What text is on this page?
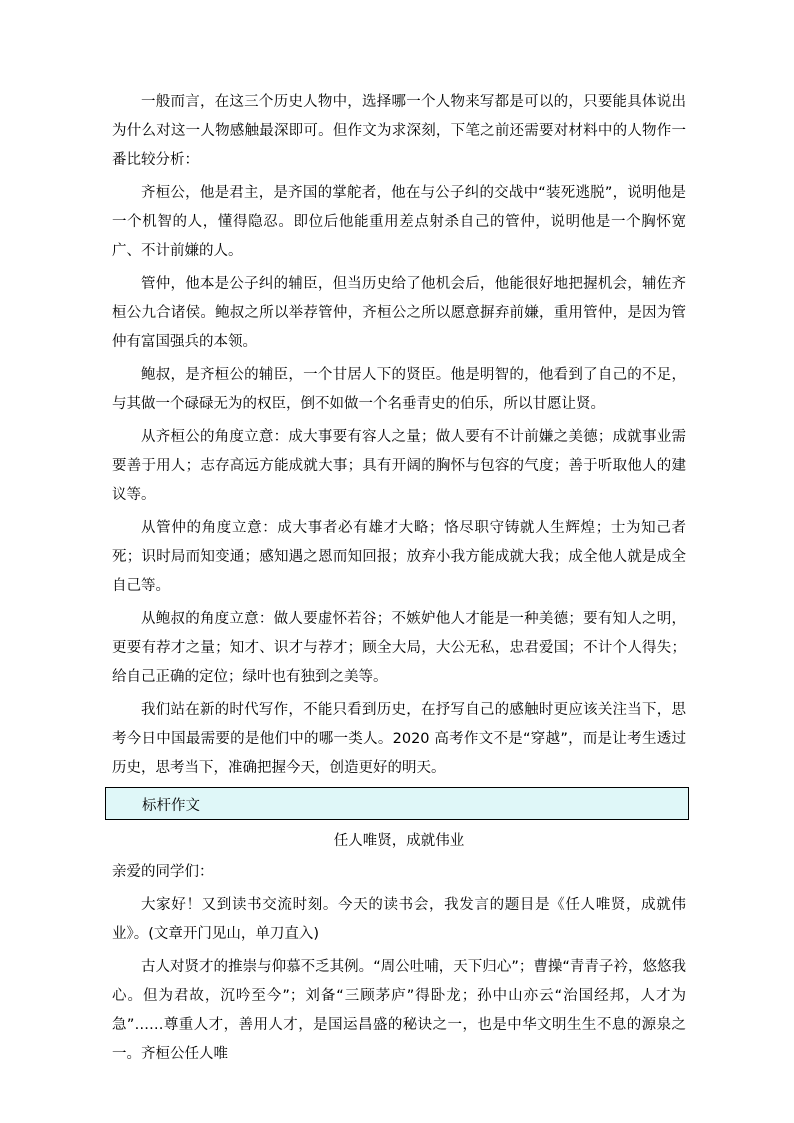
一般而言，在这三个历史人物中，选择哪一个人物来写都是可以的，只要能具体说出为什么对这一人物感触最深即可。但作文为求深刻，下笔之前还需要对材料中的人物作一番比较分析：

齐桓公，他是君主，是齐国的掌舵者，他在与公子纠的交战中“装死逃脱”，说明他是一个机智的人，懂得隐忍。即位后他能重用差点射杀自己的管仲，说明他是一个胸怀宽广、不计前嫌的人。

管仲，他本是公子纠的辅臣，但当历史给了他机会后，他能很好地把握机会，辅佐齐桓公九合诸侯。鲍叔之所以举荐管仲，齐桓公之所以愿意摒弃前嫌，重用管仲，是因为管仲有富国强兵的本领。

鲍叔，是齐桓公的辅臣，一个甘居人下的贤臣。他是明智的，他看到了自己的不足，与其做一个碌碌无为的权臣，倒不如做一个名垂青史的伯乐，所以甘愿让贤。

从齐桓公的角度立意：成大事要有容人之量；做人要有不计前嫌之美德；成就事业需要善于用人；志存高远方能成就大事；具有开阔的胸怀与包容的气度；善于听取他人的建议等。

从管仲的角度立意：成大事者必有雄才大略；恪尽职守铸就人生辉煌；士为知己者死；识时局而知变通；感知遇之恩而知回报；放弃小我方能成就大我；成全他人就是成全自己等。

从鲍叔的角度立意：做人要虚怀若谷；不嫉妒他人才能是一种美德；要有知人之明，更要有荐才之量；知才、识才与荐才；顾全大局，大公无私，忠君爱国；不计个人得失；给自己正确的定位；绿叶也有独到之美等。

我们站在新的时代写作，不能只看到历史，在抒写自己的感触时更应该关注当下，思考今日中国最需要的是他们中的哪一类人。2020 高考作文不是“穿越”，而是让考生透过历史，思考当下，准确把握今天，创造更好的明天。

标杆作文
任人唯贤，成就伟业

亲爱的同学们：

大家好！又到读书交流时刻。今天的读书会，我发言的题目是《任人唯贤，成就伟业》。(文章开门见山，单刀直入)

古人对贤才的推崇与仰慕不乏其例。“周公吐哺，天下归心”；曹操“青青子衿，悠悠我心。但为君故，沉吟至今”；刘备“三顾茅庐”得卧龙；孙中山亦云“治国经邦，人才为急”……尊重人才，善用人才，是国运昌盛的秘诀之一，也是中华文明生生不息的源泉之一。齐桓公任人唯
